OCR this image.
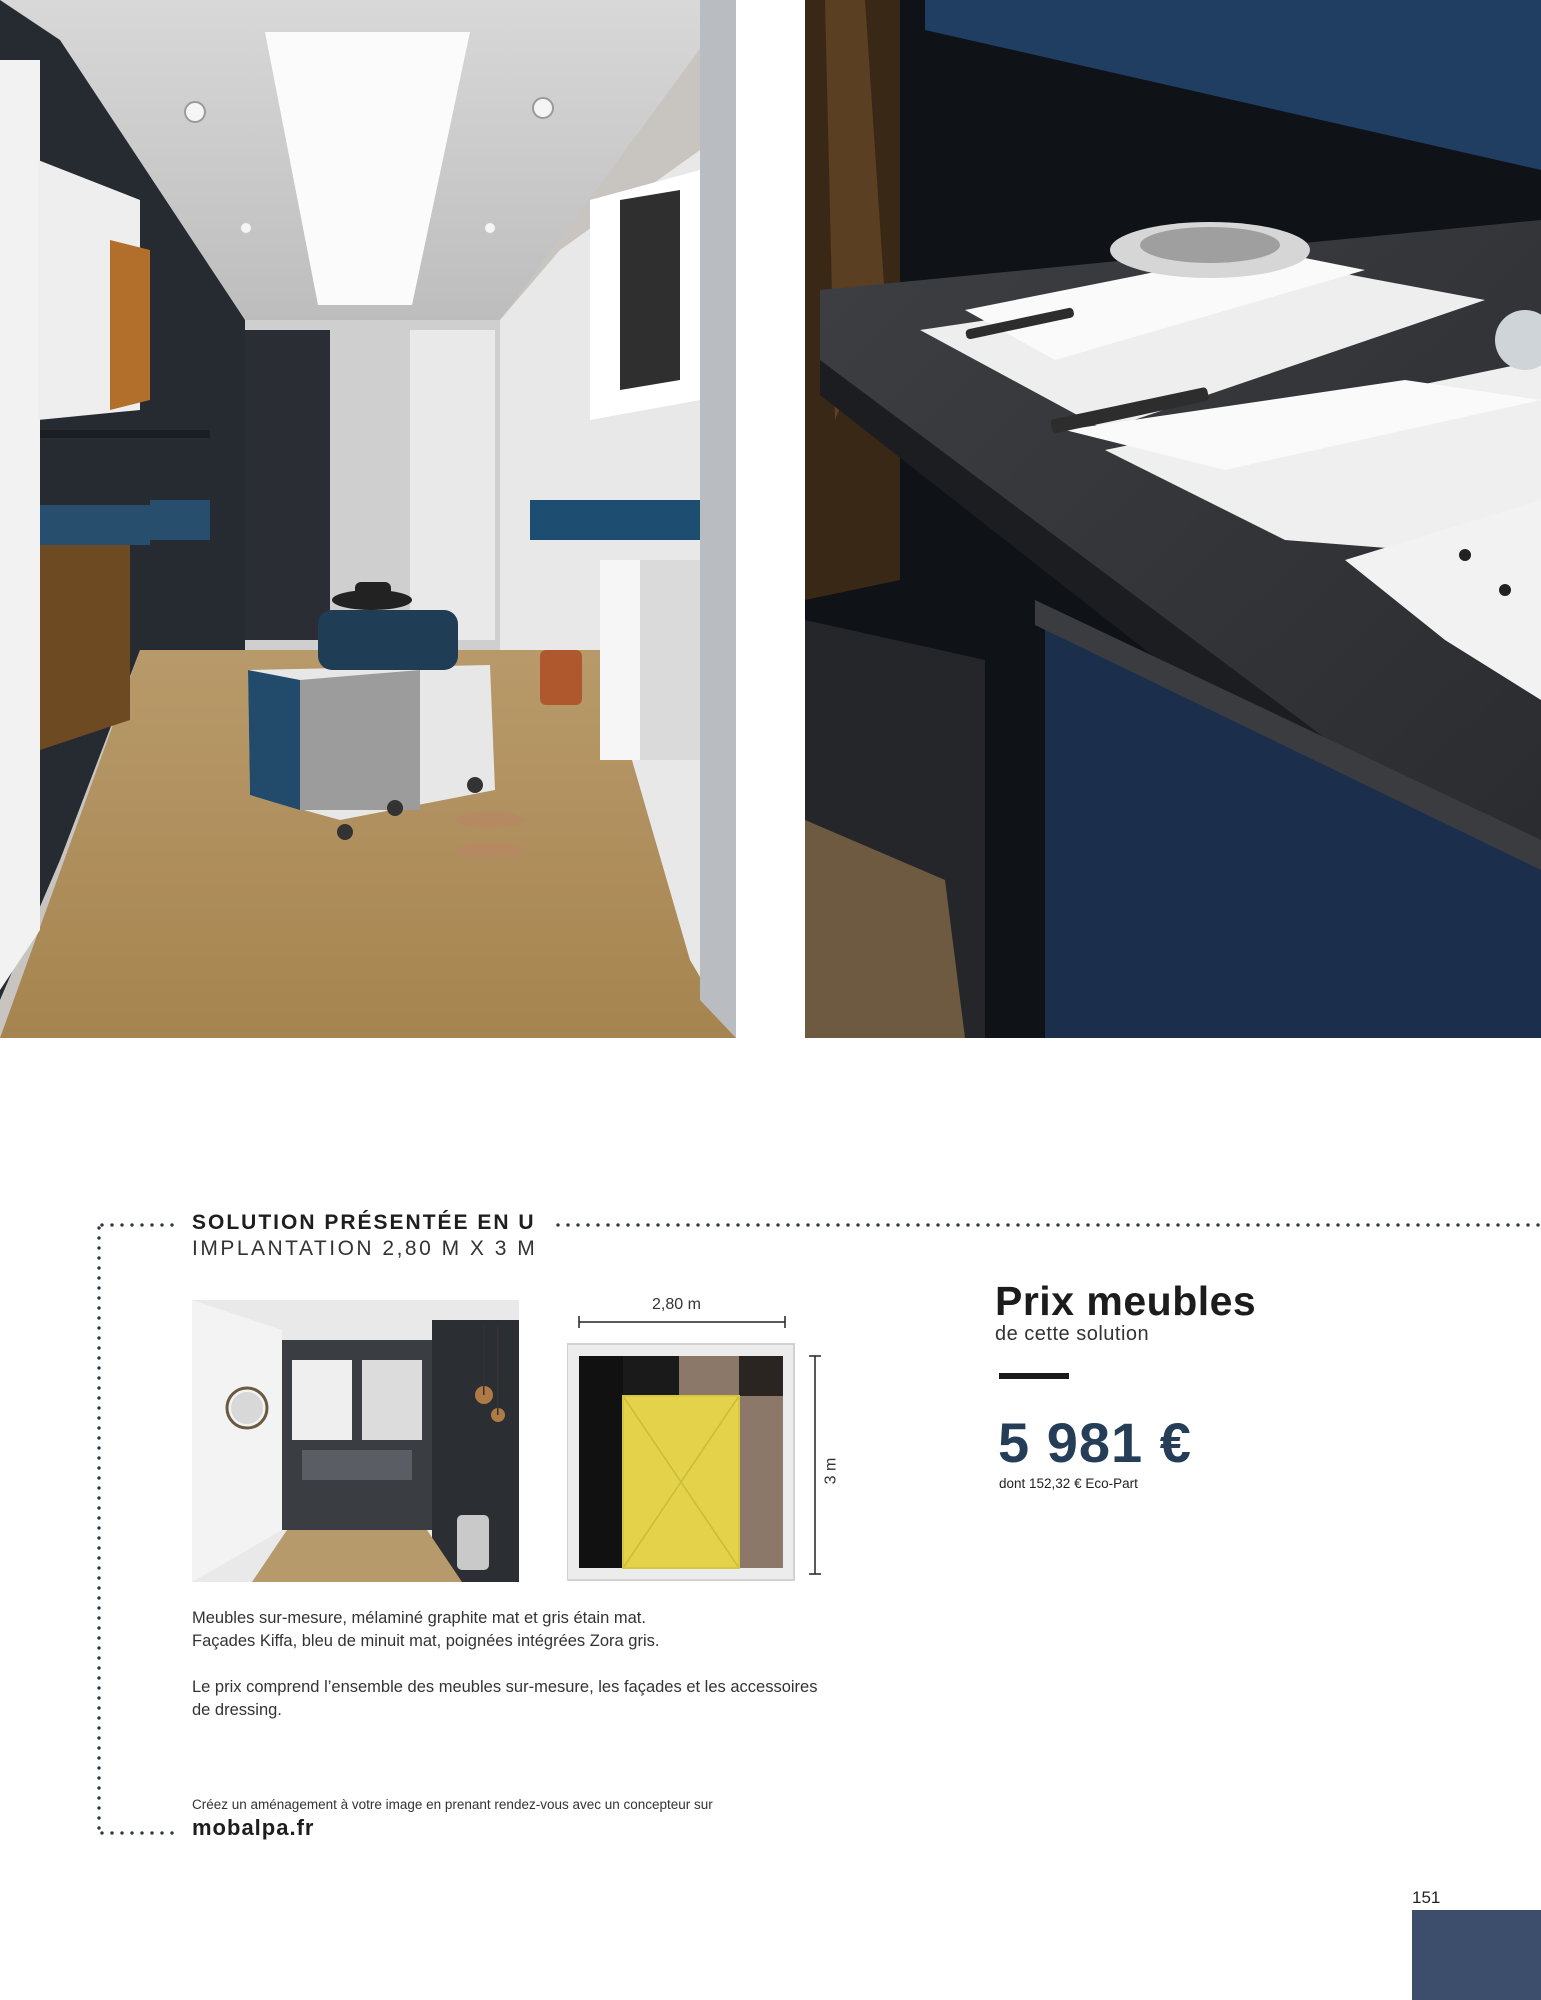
SOLUTION PRÉSENTÉE EN U
IMPLANTATION 2,80 M X 3 M
2,80 m
3 m
Meubles sur-mesure, mélaminé graphite mat et gris étain mat.
Façades Kiffa, bleu de minuit mat, poignées intégrées Zora gris.
Le prix comprend l’ensemble des meubles sur-mesure, les façades et les accessoires
de dressing.
Créez un aménagement à votre image en prenant rendez-vous avec un concepteur sur
mobalpa.fr
Prix meubles
de cette solution
5 981 €
dont 152,32 € Eco-Part
151
